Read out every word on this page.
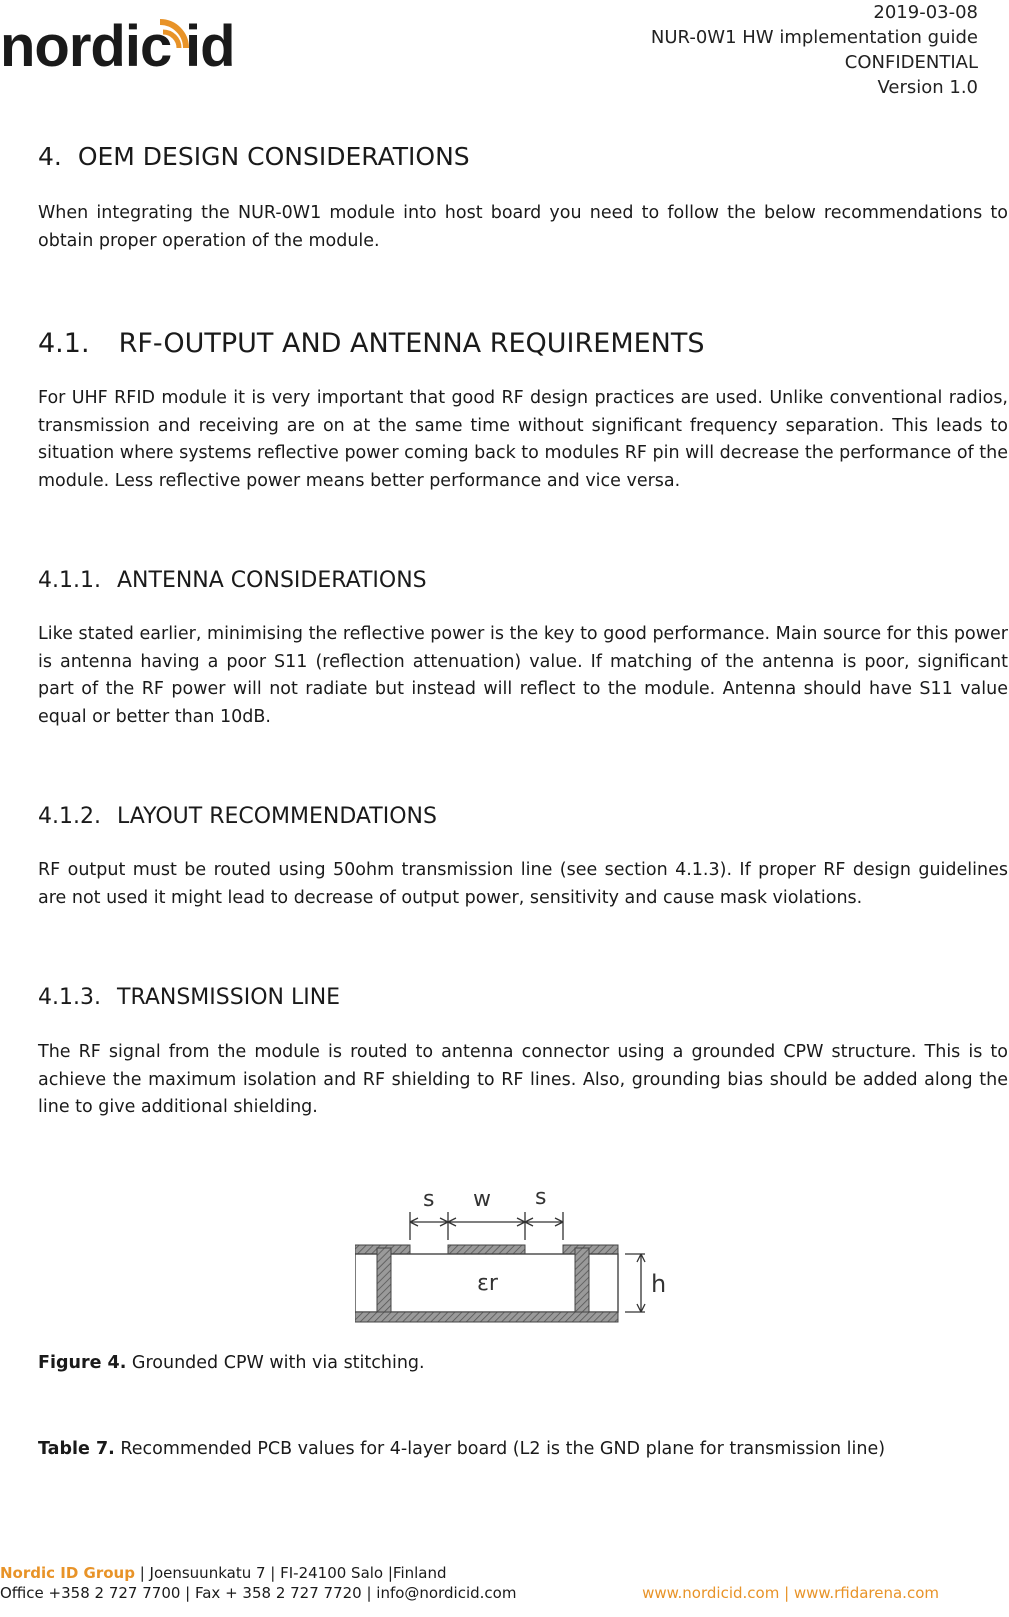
nordic id
2019-03-08
NUR-0W1 HW implementation guide
CONFIDENTIAL
Version 1.0
4. OEM DESIGN CONSIDERATIONS
When integrating the NUR-0W1 module into host board you need to follow the below recommendations to obtain proper operation of the module.
4.1. RF-OUTPUT AND ANTENNA REQUIREMENTS
For UHF RFID module it is very important that good RF design practices are used. Unlike conventional radios, transmission and receiving are on at the same time without significant frequency separation. This leads to situation where systems reflective power coming back to modules RF pin will decrease the performance of the module. Less reflective power means better performance and vice versa.
4.1.1. ANTENNA CONSIDERATIONS
Like stated earlier, minimising the reflective power is the key to good performance. Main source for this power is antenna having a poor S11 (reflection attenuation) value. If matching of the antenna is poor, significant part of the RF power will not radiate but instead will reflect to the module. Antenna should have S11 value equal or better than 10dB.
4.1.2. LAYOUT RECOMMENDATIONS
RF output must be routed using 50ohm transmission line (see section 4.1.3). If proper RF design guidelines are not used it might lead to decrease of output power, sensitivity and cause mask violations.
4.1.3. TRANSMISSION LINE
The RF signal from the module is routed to antenna connector using a grounded CPW structure. This is to achieve the maximum isolation and RF shielding to RF lines. Also, grounding bias should be added along the line to give additional shielding.
s w s
εr	h
Figure 4. Grounded CPW with via stitching.
Table 7. Recommended PCB values for 4-layer board (L2 is the GND plane for transmission line)
Nordic ID Group | Joensuunkatu 7 | FI-24100 Salo |Finland
Office +358 2 727 7700 | Fax + 358 2 727 7720 | info@nordicid.com	www.nordicid.com | www.rfidarena.com
